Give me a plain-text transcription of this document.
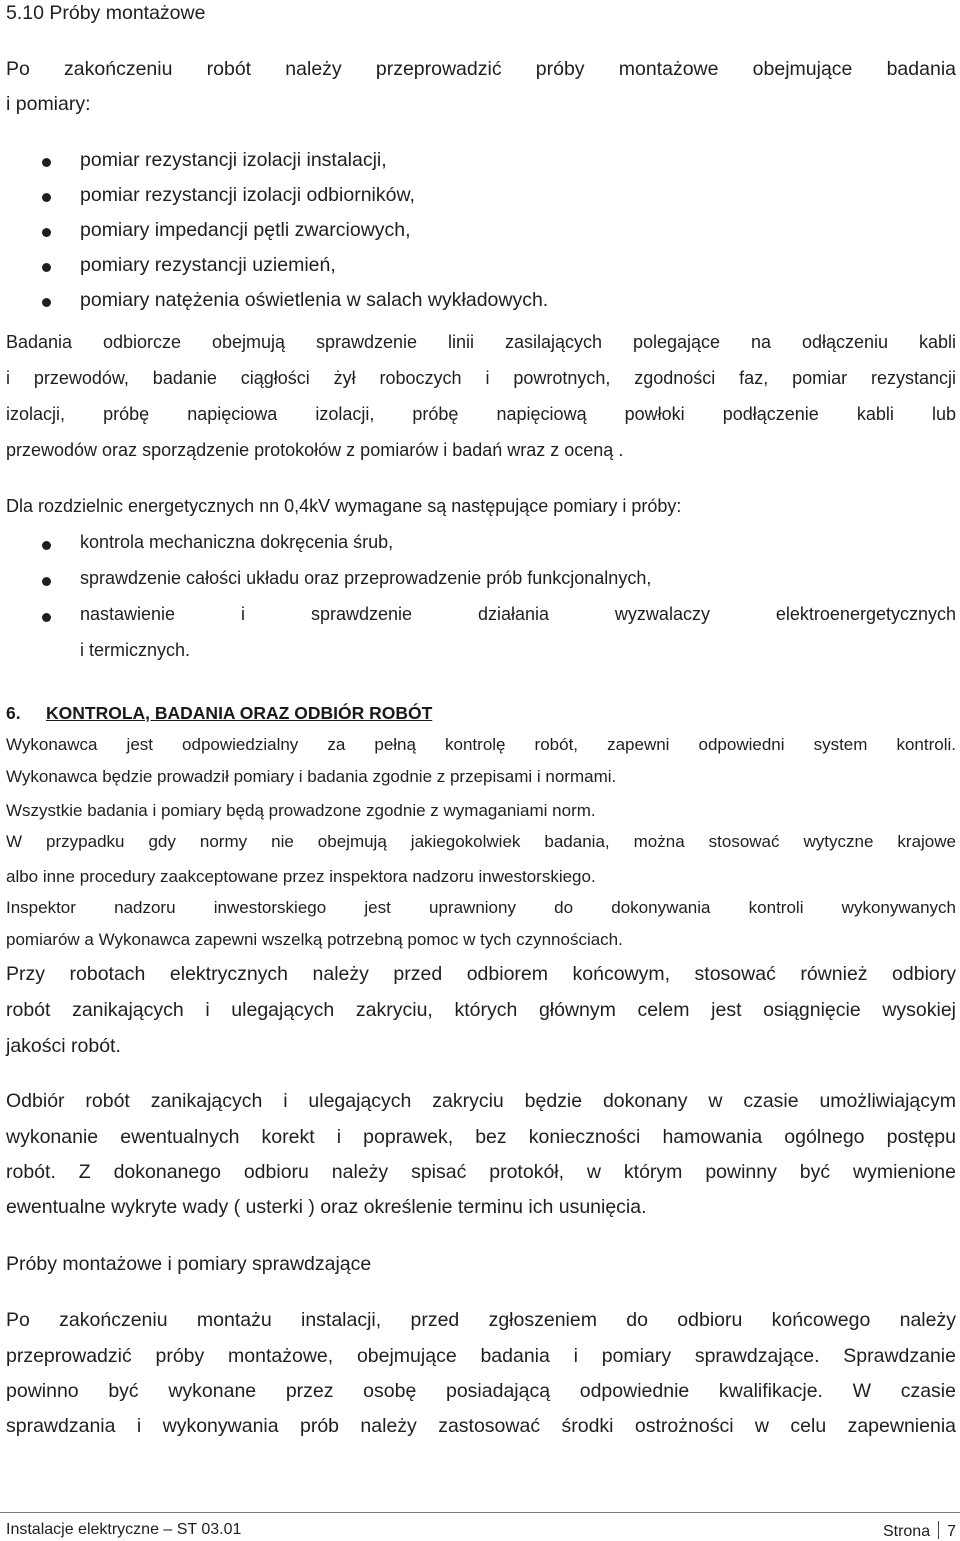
5.10 Próby montażowe

Po zakończeniu robót należy przeprowadzić próby montażowe obejmujące badania

i pomiary:

pomiar rezystancji izolacji instalacji,

pomiar rezystancji izolacji odbiorników,

pomiary impedancji pętli zwarciowych,

pomiary rezystancji uziemień,

pomiary natężenia oświetlenia w salach wykładowych.

Badania odbiorcze obejmują sprawdzenie linii zasilających polegające na odłączeniu kabli

i przewodów, badanie ciągłości żył roboczych i powrotnych, zgodności faz, pomiar rezystancji

izolacji, próbę napięciowa izolacji, próbę napięciową powłoki podłączenie kabli lub

przewodów oraz sporządzenie protokołów z pomiarów i badań wraz z oceną .

Dla rozdzielnic energetycznych nn 0,4kV wymagane są następujące pomiary i próby:

kontrola mechaniczna dokręcenia śrub,

sprawdzenie całości układu oraz przeprowadzenie prób funkcjonalnych,

nastawienie i sprawdzenie działania wyzwalaczy elektroenergetycznych

i termicznych.

6. KONTROLA, BADANIA ORAZ ODBIÓR ROBÓT

Wykonawca jest odpowiedzialny za pełną kontrolę robót, zapewni odpowiedni system kontroli.

Wykonawca będzie prowadził pomiary i badania zgodnie z przepisami i normami.

Wszystkie badania i pomiary będą prowadzone zgodnie z wymaganiami norm.

W przypadku gdy normy nie obejmują jakiegokolwiek badania, można stosować wytyczne krajowe

albo inne procedury zaakceptowane przez inspektora nadzoru inwestorskiego.

Inspektor nadzoru inwestorskiego jest uprawniony do dokonywania kontroli wykonywanych

pomiarów a Wykonawca zapewni wszelką potrzebną pomoc w tych czynnościach.

Przy robotach elektrycznych należy przed odbiorem końcowym, stosować również odbiory

robót zanikających i ulegających zakryciu, których głównym celem jest osiągnięcie wysokiej

jakości robót.

Odbiór robót zanikających i ulegających zakryciu będzie dokonany w czasie umożliwiającym

wykonanie ewentualnych korekt i poprawek, bez konieczności hamowania ogólnego postępu

robót. Z dokonanego odbioru należy spisać protokół, w którym powinny być wymienione

ewentualne wykryte wady ( usterki ) oraz określenie terminu ich usunięcia.

Próby montażowe i pomiary sprawdzające

Po zakończeniu montażu instalacji, przed zgłoszeniem do odbioru końcowego należy

przeprowadzić próby montażowe, obejmujące badania i pomiary sprawdzające. Sprawdzanie

powinno być wykonane przez osobę posiadającą odpowiednie kwalifikacje. W czasie

sprawdzania i wykonywania prób należy zastosować środki ostrożności w celu zapewnienia

Instalacje elektryczne – ST 03.01	Strona 7
